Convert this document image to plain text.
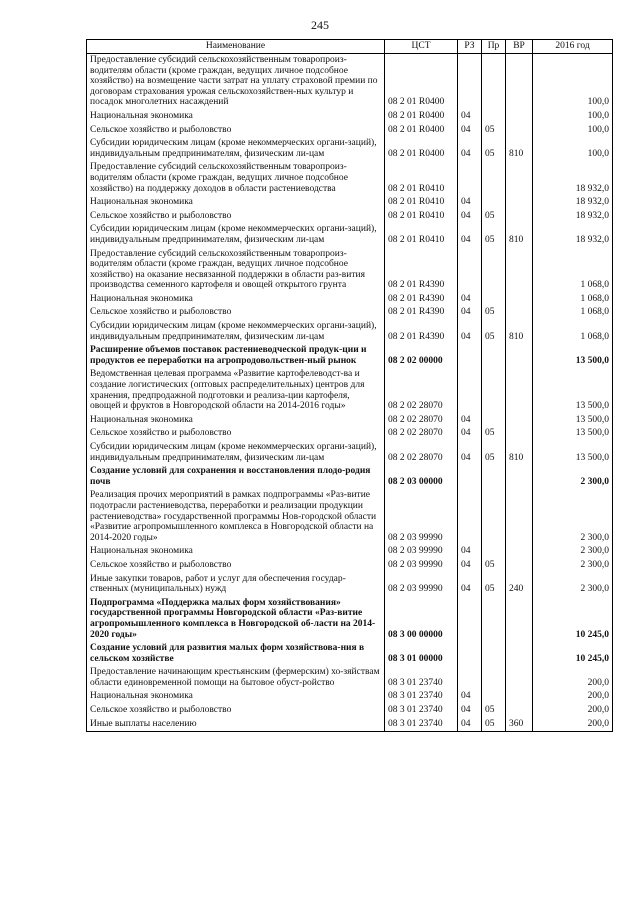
245
Наименование	ЦСТ	РЗ	Пр	ВР	2016 год
Предоставление субсидий сельскохозяйственным товаропроиз-водителям области (кроме граждан, ведущих личное подсобное хозяйство) на возмещение части затрат на уплату страховой премии по договорам страхования урожая сельскохозяйствен-ных культур и посадок многолетних насаждений	08 2 01 R0400				100,0
Национальная экономика	08 2 01 R0400	04			100,0
Сельское хозяйство и рыболовство	08 2 01 R0400	04	05		100,0
Субсидии юридическим лицам (кроме некоммерческих органи-заций), индивидуальным предпринимателям, физическим ли-цам	08 2 01 R0400	04	05	810	100,0
Предоставление субсидий сельскохозяйственным товаропроиз-водителям области (кроме граждан, ведущих личное подсобное хозяйство) на поддержку доходов в области растениеводства	08 2 01 R0410				18 932,0
Национальная экономика	08 2 01 R0410	04			18 932,0
Сельское хозяйство и рыболовство	08 2 01 R0410	04	05		18 932,0
Субсидии юридическим лицам (кроме некоммерческих органи-заций), индивидуальным предпринимателям, физическим ли-цам	08 2 01 R0410	04	05	810	18 932,0
Предоставление субсидий сельскохозяйственным товаропроиз-водителям области (кроме граждан, ведущих личное подсобное хозяйство) на оказание несвязанной поддержки в области раз-вития производства семенного картофеля и овощей открытого грунта	08 2 01 R4390				1 068,0
Национальная экономика	08 2 01 R4390	04			1 068,0
Сельское хозяйство и рыболовство	08 2 01 R4390	04	05		1 068,0
Субсидии юридическим лицам (кроме некоммерческих органи-заций), индивидуальным предпринимателям, физическим ли-цам	08 2 01 R4390	04	05	810	1 068,0
Расширение объемов поставок растениеводческой продук-ции и продуктов ее переработки на агропродовольствен-ный рынок	08 2 02 00000				13 500,0
Ведомственная целевая программа «Развитие картофелеводст-ва и создание логистических (оптовых распределительных) центров для хранения, предпродажной подготовки и реализа-ции картофеля, овощей и фруктов в Новгородской области на 2014-2016 годы»	08 2 02 28070				13 500,0
Национальная экономика	08 2 02 28070	04			13 500,0
Сельское хозяйство и рыболовство	08 2 02 28070	04	05		13 500,0
Субсидии юридическим лицам (кроме некоммерческих органи-заций), индивидуальным предпринимателям, физическим ли-цам	08 2 02 28070	04	05	810	13 500,0
Создание условий для сохранения и восстановления плодо-родия почв	08 2 03 00000				2 300,0
Реализация прочих мероприятий в рамках подпрограммы «Раз-витие подотрасли растениеводства, переработки и реализации продукции растениеводства» государственной программы Нов-городской области «Развитие агропромышленного комплекса в Новгородской области на 2014-2020 годы»	08 2 03 99990				2 300,0
Национальная экономика	08 2 03 99990	04			2 300,0
Сельское хозяйство и рыболовство	08 2 03 99990	04	05		2 300,0
Иные закупки товаров, работ и услуг для обеспечения государ-ственных (муниципальных) нужд	08 2 03 99990	04	05	240	2 300,0
Подпрограмма «Поддержка малых форм хозяйствования» государственной программы Новгородской области «Раз-витие агропромышленного комплекса в Новгородской об-ласти на 2014-2020 годы»	08 3 00 00000				10 245,0
Создание условий для развития малых форм хозяйствова-ния в сельском хозяйстве	08 3 01 00000				10 245,0
Предоставление начинающим крестьянским (фермерским) хо-зяйствам области единовременной помощи на бытовое обуст-ройство	08 3 01 23740				200,0
Национальная экономика	08 3 01 23740	04			200,0
Сельское хозяйство и рыболовство	08 3 01 23740	04	05		200,0
Иные выплаты населению	08 3 01 23740	04	05	360	200,0
